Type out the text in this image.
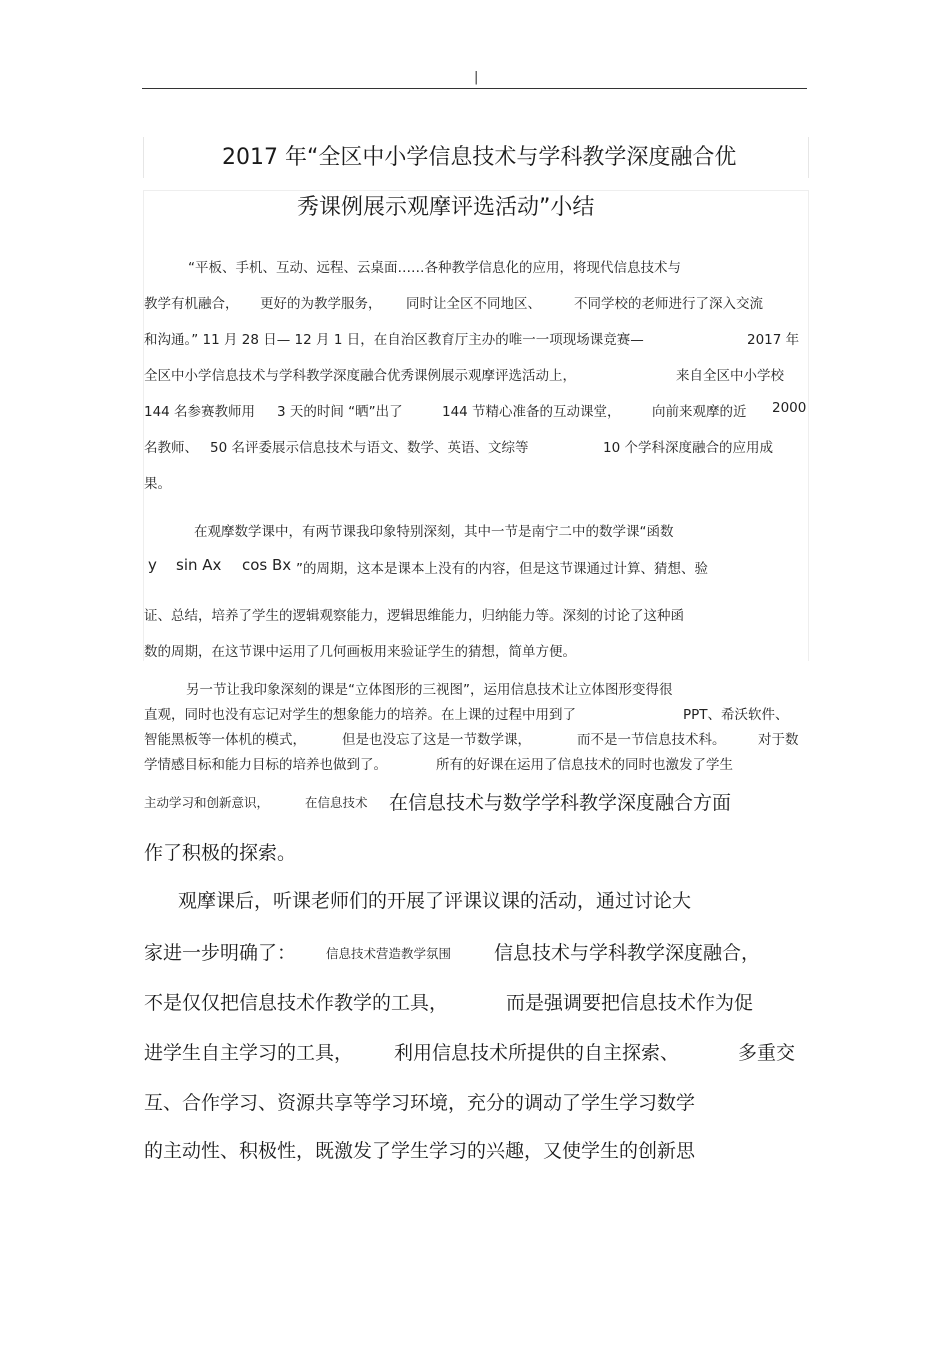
|
2017 年“全区中小学信息技术与学科教学深度融合优
秀课例展示观摩评选活动”小结
“平板、手机、互动、远程、云桌面……各种教学信息化的应用，将现代信息技术与
教学有机融合， 更好的为教学服务， 同时让全区不同地区、 不同学校的老师进行了深入交流
和沟通。” 11 月 28 日— 12 月 1 日，在自治区教育厅主办的唯一一项现场课竞赛—	2017 年
全区中小学信息技术与学科教学深度融合优秀课例展示观摩评选活动上，	来自全区中小学校
144 名参赛教师用 3 天的时间 “晒”出了	144 节精心准备的互动课堂， 向前来观摩的近 2000
名教师、 50 名评委展示信息技术与语文、数学、英语、文综等	10 个学科深度融合的应用成
果。
在观摩数学课中，有两节课我印象特别深刻，其中一节是南宁二中的数学课“函数
y sin Ax cos Bx ”的周期，这本是课本上没有的内容，但是这节课通过计算、猜想、验
证、总结，培养了学生的逻辑观察能力，逻辑思维能力，归纳能力等。深刻的讨论了这种函
数的周期，在这节课中运用了几何画板用来验证学生的猜想，简单方便。
另一节让我印象深刻的课是“立体图形的三视图”，运用信息技术让立体图形变得很
直观，同时也没有忘记对学生的想象能力的培养。在上课的过程中用到了	PPT、希沃软件、
智能黑板等一体机的模式，	但是也没忘了这是一节数学课，	而不是一节信息技术科。 对于数
学情感目标和能力目标的培养也做到了。	所有的好课在运用了信息技术的同时也激发了学生
主动学习和创新意识，	在信息技术 在信息技术与数学学科教学深度融合方面
作了积极的探索。
观摩课后，听课老师们的开展了评课议课的活动，通过讨论大
家进一步明确了： 信息技术营造教学氛围 信息技术与学科教学深度融合，
不是仅仅把信息技术作教学的工具，	而是强调要把信息技术作为促
进学生自主学习的工具， 利用信息技术所提供的自主探索、	多重交
互、合作学习、资源共享等学习环境，充分的调动了学生学习数学
的主动性、积极性，既激发了学生学习的兴趣，又使学生的创新思
